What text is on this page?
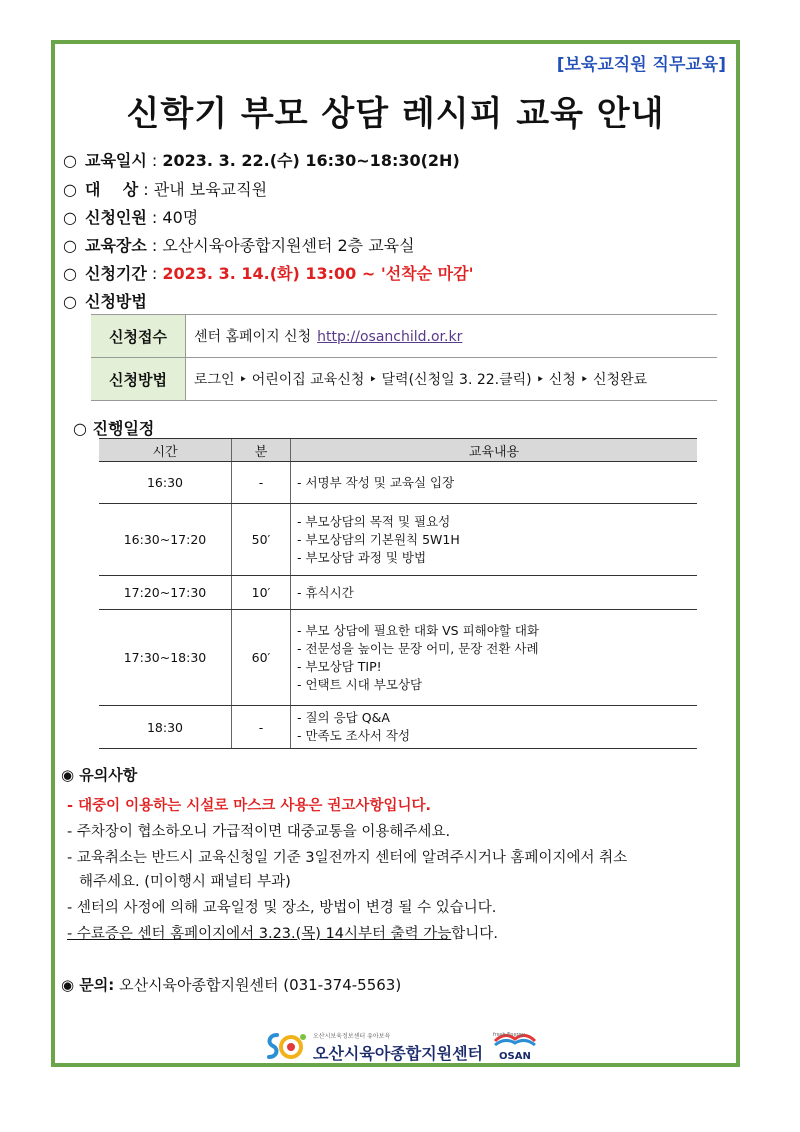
[보육교직원 직무교육]
신학기 부모 상담 레시피 교육 안내
○ 교육일시 : 2023. 3. 22.(수) 16:30~18:30(2H)
○ 대    상 : 관내 보육교직원
○ 신청인원 : 40명
○ 교육장소 : 오산시육아종합지원센터 2층 교육실
○ 신청기간 : 2023. 3. 14.(화) 13:00 ~ '선착순 마감'
○ 신청방법
신청접수	센터 홈페이지 신청 http://osanchild.or.kr
신청방법	로그인 ‣ 어린이집 교육신청 ‣ 달력(신청일 3. 22.클릭) ‣ 신청 ‣ 신청완료
○ 진행일정
시간	분	교육내용
16:30	-	- 서명부 작성 및 교육실 입장

16:30~17:20	50′	- 부모상담의 목적 및 필요성
- 부모상담의 기본원칙 5W1H
- 부모상담 과정 및 방법

17:20~17:30	10′	- 휴식시간

17:30~18:30	60′	- 부모 상담에 필요한 대화 VS 피해야할 대화
- 전문성을 높이는 문장 어미, 문장 전환 사례
- 부모상담 TIP!
- 언택트 시대 부모상담

18:30	-	- 질의 응답 Q&A
- 만족도 조사서 작성
◉ 유의사항
- 대중이 이용하는 시설로 마스크 사용은 권고사항입니다.
- 주차장이 협소하오니 가급적이면 대중교통을 이용해주세요.
- 교육취소는 반드시 교육신청일 기준 3일전까지 센터에 알려주시거나 홈페이지에서 취소
해주세요. (미이행시 패널티 부과)
- 센터의 사정에 의해 교육일정 및 장소, 방법이 변경 될 수 있습니다.
- 수료증은 센터 홈페이지에서 3.23.(목) 14시부터 출력 가능합니다.
◉ 문의: 오산시육아종합지원센터 (031-374-5563)
오산시보육정보센터 유아보육
오산시육아종합지원센터
fresh Energy
OSAN
